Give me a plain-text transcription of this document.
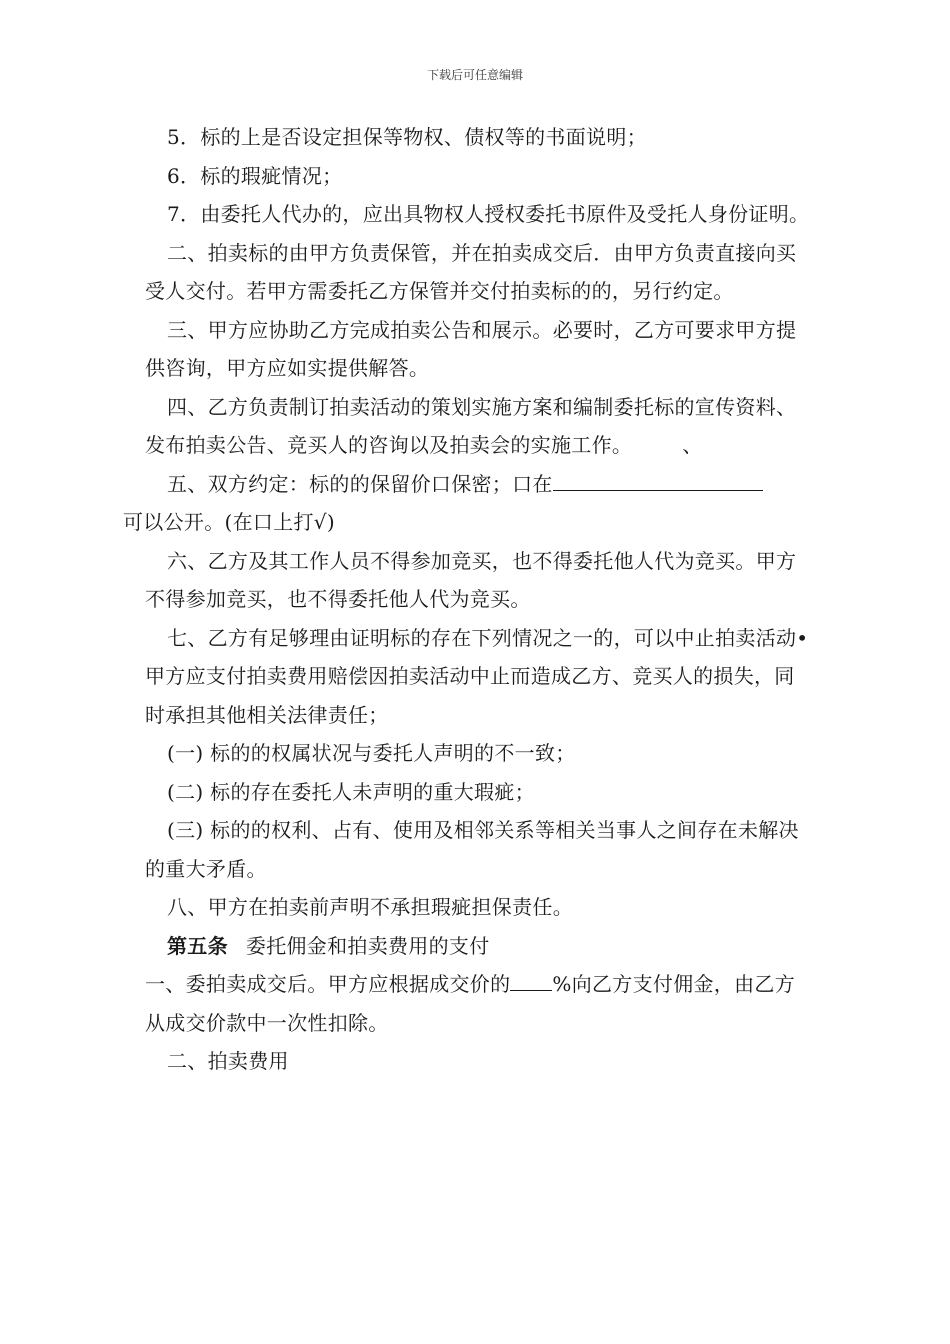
下载后可任意编辑

5．标的上是否设定担保等物权、债权等的书面说明；

6．标的瑕疵情况；

7．由委托人代办的，应出具物权人授权委托书原件及受托人身份证明。

二、拍卖标的由甲方负责保管，并在拍卖成交后．由甲方负责直接向买受人交付。若甲方需委托乙方保管并交付拍卖标的的，另行约定。

三、甲方应协助乙方完成拍卖公告和展示。必要时，乙方可要求甲方提供咨询，甲方应如实提供解答。

四、乙方负责制订拍卖活动的策划实施方案和编制委托标的宣传资料、发布拍卖公告、竞买人的咨询以及拍卖会的实施工作。	、

五、双方约定：标的的保留价口保密；口在
可以公开。(在口上打√)

六、乙方及其工作人员不得参加竞买，也不得委托他人代为竞买。甲方不得参加竞买，也不得委托他人代为竞买。

七、乙方有足够理由证明标的存在下列情况之一的，可以中止拍卖活动•甲方应支付拍卖费用赔偿因拍卖活动中止而造成乙方、竞买人的损失，同时承担其他相关法律责任；

(一) 标的的权属状况与委托人声明的不一致；

(二) 标的存在委托人未声明的重大瑕疵；

(三) 标的的权利、占有、使用及相邻关系等相关当事人之间存在未解决的重大矛盾。

八、甲方在拍卖前声明不承担瑕疵担保责任。

第五条 委托佣金和拍卖费用的支付

一、委拍卖成交后。甲方应根据成交价的 %向乙方支付佣金，由乙方从成交价款中一次性扣除。

二、拍卖费用
